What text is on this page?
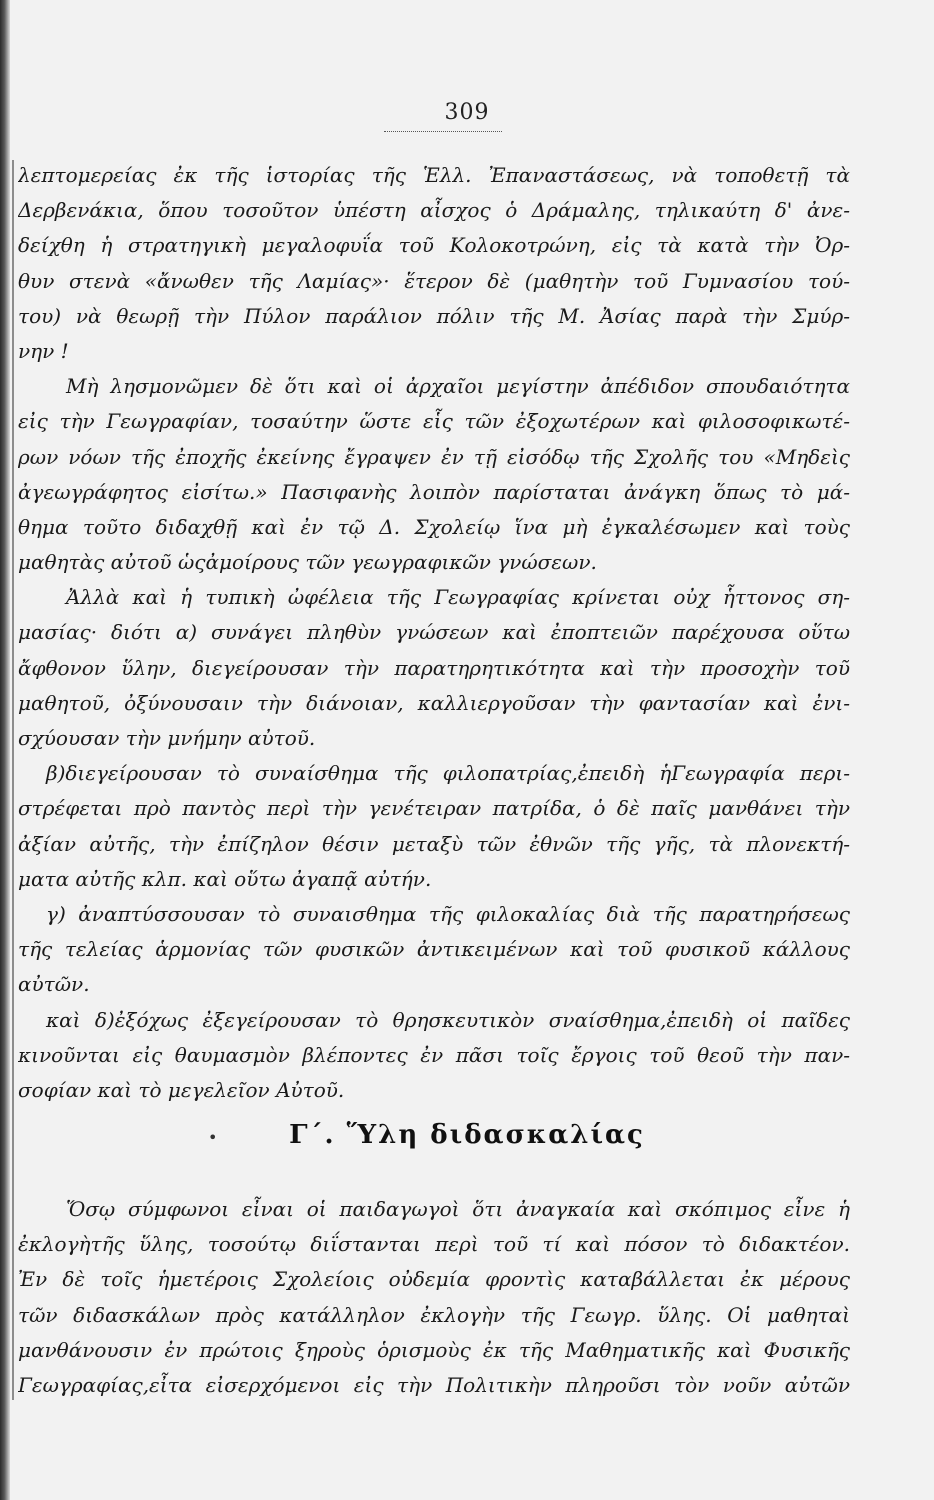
309
λεπτομερείας ἐκ τῆς ἱστορίας τῆς Ἑλλ. Ἐπαναστάσεως, νὰ τοποθετῇ τὰ
Δερβενάκια, ὅπου τοσοῦτον ὑπέστη αἶσχος ὁ Δράμαλης, τηλικαύτη δ' ἀνε-
δείχθη ἡ στρατηγικὴ μεγαλοφυΐα τοῦ Κολοκοτρώνη, εἰς τὰ κατὰ τὴν Ὀρ-
θυν στενὰ «ἄνωθεν τῆς Λαμίας»· ἕτερον δὲ (μαθητὴν τοῦ Γυμνασίου τού-
του) νὰ θεωρῇ τὴν Πύλον παράλιον πόλιν τῆς Μ. Ἀσίας παρὰ τὴν Σμύρ-
νην !
Μὴ λησμονῶμεν δὲ ὅτι καὶ οἱ ἀρχαῖοι μεγίστην ἀπέδιδον σπουδαιότητα
εἰς τὴν Γεωγραφίαν, τοσαύτην ὥστε εἷς τῶν ἐξοχωτέρων καὶ φιλοσοφικωτέ-
ρων νόων τῆς ἐποχῆς ἐκείνης ἔγραψεν ἐν τῇ εἰσόδῳ τῆς Σχολῆς του «Μηδεὶς
ἀγεωγράφητος εἰσίτω.» Πασιφανὴς λοιπὸν παρίσταται ἀνάγκη ὅπως τὸ μά-
θημα τοῦτο διδαχθῇ καὶ ἐν τῷ Δ. Σχολείῳ ἵνα μὴ ἐγκαλέσωμεν καὶ τοὺς
μαθητὰς αὐτοῦ ὡςἀμοίρους τῶν γεωγραφικῶν γνώσεων.
Ἀλλὰ καὶ ἡ τυπικὴ ὠφέλεια τῆς Γεωγραφίας κρίνεται οὐχ ἧττονος ση-
μασίας· διότι α) συνάγει πληθὺν γνώσεων καὶ ἐποπτειῶν παρέχουσα οὕτω
ἄφθονον ὕλην, διεγείρουσαν τὴν παρατηρητικότητα καὶ τὴν προσοχὴν τοῦ
μαθητοῦ, ὀξύνουσαιν τὴν διάνοιαν, καλλιεργοῦσαν τὴν φαντασίαν καὶ ἐνι-
σχύουσαν τὴν μνήμην αὐτοῦ.
β)διεγείρουσαν τὸ συναίσθημα τῆς φιλοπατρίας,ἐπειδὴ ἡΓεωγραφία περι-
στρέφεται πρὸ παντὸς περὶ τὴν γενέτειραν πατρίδα, ὁ δὲ παῖς μανθάνει τὴν
ἀξίαν αὐτῆς, τὴν ἐπίζηλον θέσιν μεταξὺ τῶν ἐθνῶν τῆς γῆς, τὰ πλονεκτή-
ματα αὐτῆς κλπ. καὶ οὕτω ἀγαπᾷ αὐτήν.
γ) ἀναπτύσσουσαν τὸ συναισθημα τῆς φιλοκαλίας διὰ τῆς παρατηρήσεως
τῆς τελείας ἁρμονίας τῶν φυσικῶν ἀντικειμένων καὶ τοῦ φυσικοῦ κάλλους
αὐτῶν.
καὶ δ)ἐξόχως ἐξεγείρουσαν τὸ θρησκευτικὸν σναίσθημα,ἐπειδὴ οἱ παῖδες
κινοῦνται εἰς θαυμασμὸν βλέποντες ἐν πᾶσι τοῖς ἔργοις τοῦ θεοῦ τὴν παν-
σοφίαν καὶ τὸ μεγελεῖον Αὐτοῦ.
•	Γ΄. Ὕλη διδασκαλίας
Ὅσῳ σύμφωνοι εἶναι οἱ παιδαγωγοὶ ὅτι ἀναγκαία καὶ σκόπιμος εἶνε ἡ
ἐκλογὴτῆς ὕλης, τοσούτῳ διΐστανται περὶ τοῦ τί καὶ πόσον τὸ διδακτέον.
Ἐν δὲ τοῖς ἡμετέροις Σχολείοις οὐδεμία φροντὶς καταβάλλεται ἐκ μέρους
τῶν διδασκάλων πρὸς κατάλληλον ἐκλογὴν τῆς Γεωγρ. ὕλης. Οἱ μαθηταὶ
μανθάνουσιν ἐν πρώτοις ξηροὺς ὁρισμοὺς ἐκ τῆς Μαθηματικῆς καὶ Φυσικῆς
Γεωγραφίας,εἶτα εἰσερχόμενοι εἰς τὴν Πολιτικὴν πληροῦσι τὸν νοῦν αὐτῶν
